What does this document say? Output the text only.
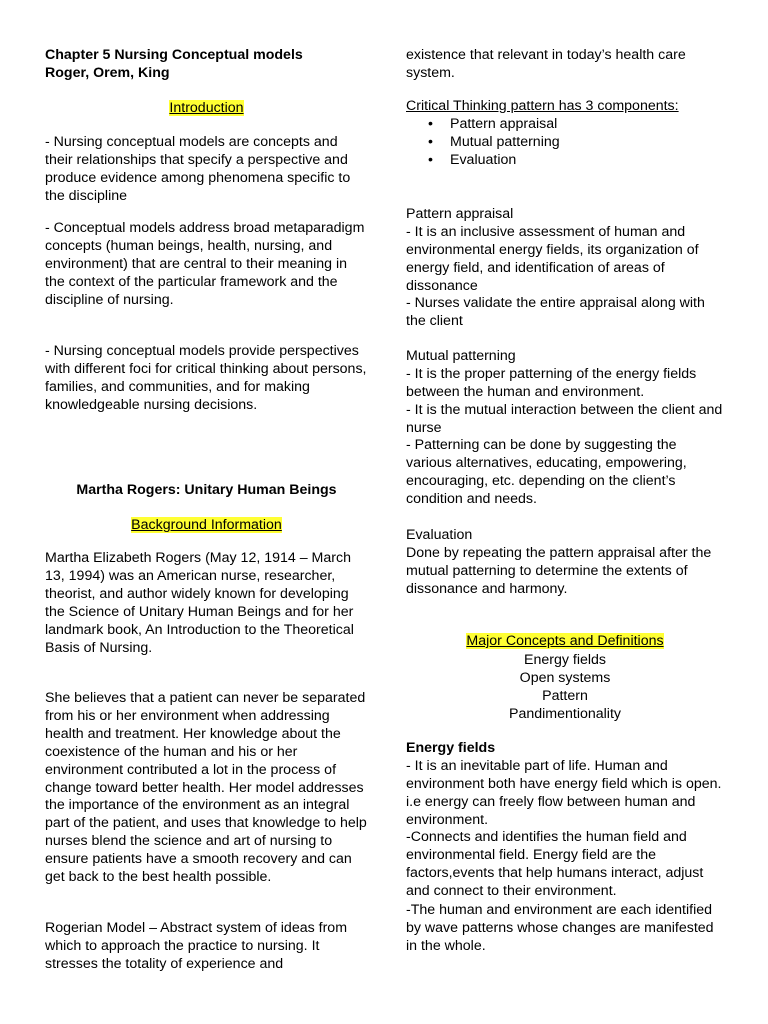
Chapter 5 Nursing Conceptual models

Roger, Orem, King

Introduction

- Nursing conceptual models are concepts and their relationships that specify a perspective and produce evidence among phenomena specific to the discipline

- Conceptual models address broad metaparadigm concepts (human beings, health, nursing, and environment) that are central to their meaning in the context of the particular framework and the discipline of nursing.

- Nursing conceptual models provide perspectives with different foci for critical thinking about persons, families, and communities, and for making knowledgeable nursing decisions.

Martha Rogers: Unitary Human Beings

Background Information

Martha Elizabeth Rogers (May 12, 1914 – March 13, 1994) was an American nurse, researcher, theorist, and author widely known for developing the Science of Unitary Human Beings and for her landmark book, An Introduction to the Theoretical Basis of Nursing.

She believes that a patient can never be separated from his or her environment when addressing health and treatment. Her knowledge about the coexistence of the human and his or her environment contributed a lot in the process of change toward better health. Her model addresses the importance of the environment as an integral part of the patient, and uses that knowledge to help nurses blend the science and art of nursing to ensure patients have a smooth recovery and can get back to the best health possible.

Rogerian Model – Abstract system of ideas from which to approach the practice to nursing. It stresses the totality of experience and

existence that relevant in today’s health care system.

Critical Thinking pattern has 3 components:

• Pattern appraisal
• Mutual patterning
• Evaluation

Pattern appraisal

- It is an inclusive assessment of human and environmental energy fields, its organization of energy field, and identification of areas of dissonance

- Nurses validate the entire appraisal along with the client

Mutual patterning

- It is the proper patterning of the energy fields between the human and environment.

- It is the mutual interaction between the client and nurse

- Patterning can be done by suggesting the various alternatives, educating, empowering, encouraging, etc. depending on the client’s condition and needs.

Evaluation

Done by repeating the pattern appraisal after the mutual patterning to determine the extents of dissonance and harmony.

Major Concepts and Definitions

Energy fields

Open systems

Pattern

Pandimentionality

Energy fields

- It is an inevitable part of life. Human and environment both have energy field which is open. i.e energy can freely flow between human and environment.

-Connects and identifies the human field and environmental field. Energy field are the factors,events that help humans interact, adjust and connect to their environment.

-The human and environment are each identified by wave patterns whose changes are manifested in the whole.
